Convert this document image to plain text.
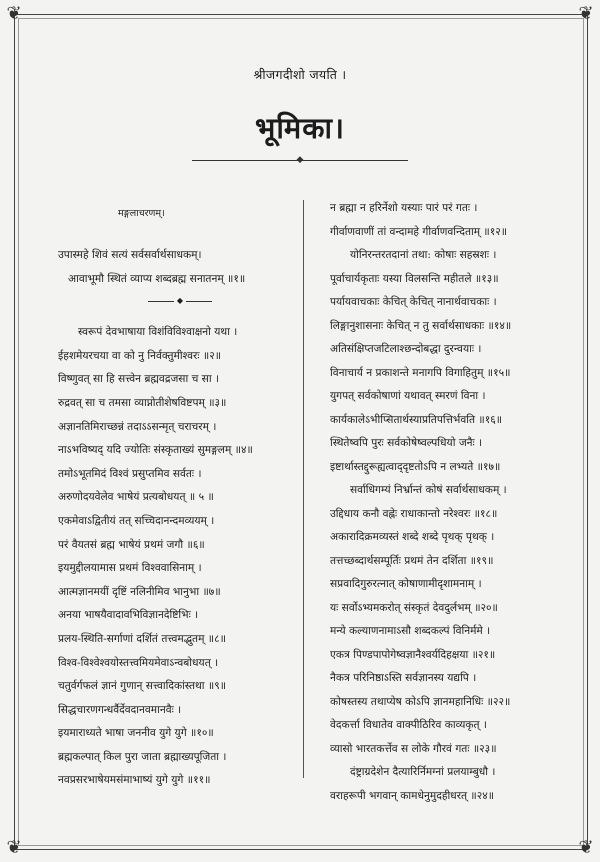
❦	❦
❦	❦
श्रीजगदीशो जयति ।
भूमिका।
◆
मङ्गलाचरणम्।
उपास्महे शिवं सत्यं सर्वसर्वार्थसाधकम्।
आवाभूमौ स्थितं व्याप्य शब्दब्रह्म सनातनम् ॥१॥
◆
स्वरूपं देवभाषाया विशंविविश्वाक्षनो यथा ।
ईहशमेयरचया वा को नु निर्वक्तुमीश्वरः ॥२॥
विष्णुवत् सा हि सत्त्वेन ब्रह्मवद्रजसा च सा ।
रुद्रवत् सा च तमसा व्याप्नोतीशेषविष्टपम् ॥३॥
अज्ञानतिमिराच्छन्नं तदाऽऽसन्मृत् चराचरम् ।
नाऽभविष्यद् यदि ज्योतिः संस्कृताख्यं सुमङ्गलम् ॥४॥
तमोऽभूतमिदं विश्वं प्रसुप्तमिव सर्वतः ।
अरुणोदयवेलेव भाषेयं प्रत्यबोधयत् ॥ ५ ॥
एकमेवाऽद्वितीयं तत् सच्चिदानन्दमव्ययम् ।
परं वैयतसं ब्रह्म भाषेयं प्रथमं जगौ ॥६॥
इयमुद्दीलयामास प्रथमं विश्ववासिनाम् ।
आत्मज्ञानमयीं दृष्टिं नलिनीमिव भानुभा ॥७॥
अनया भाषयैवादावभिविज्ञानदेष्टिभिः ।
प्रलय-स्थिति-सर्गाणां दर्शितं तत्त्वमद्भुतम् ॥८॥
विश्व-विश्वेश्वयोस्तत्त्वमियमेवाऽन्वबोधयत् ।
चतुर्वर्गफलं ज्ञानं गुणान् सत्त्वादिकांस्तथा ॥९॥
सिद्धचारणगन्धर्वैर्देवदानवमानवैः ।
इयमाराध्यते भाषा जननीव युगे युगे ॥१०॥
ब्रह्मकल्पात् किल पुरा जाता ब्रह्माख्यपूजिता ।
नवप्रसरभाषेयमसंमाभाष्यं युगे युगे ॥११॥
न ब्रह्मा न हरिर्नेशो यस्याः पारं परं गतः ।
गीर्वाणवाणीं तां वन्दामहे गीर्वाणवन्दिताम् ॥१२॥
योनिरन्तरतदानां तथा: कोषाः सहस्रशः ।
पूर्वाचार्यकृताः यस्या विलसन्ति महीतले ॥१३॥
पर्यायवाचकाः केचित् केचित् नानार्थवाचकाः ।
लिङ्गानुशासनाः केचित् न तु सर्वार्थसाधकाः ॥१४॥
अतिसंक्षिप्तजटिलाश्छन्दोबद्धा दुरन्वयाः ।
विनाचार्य न प्रकाशन्ते मनागपि विगाहितुम् ॥१५॥
युगपत् सर्वकोषाणां यथावत् स्मरणं विना ।
कार्यकालेऽभीप्सितार्थस्याप्रतिपत्तिर्भवति ॥१६॥
स्थितेष्वपि पुरः सर्वकोषेष्वल्पधियो जनैः ।
इष्टार्थास्तद्दुरूह्यत्वाद्‌दृष्टतोऽपि न लभ्यते ॥१७॥
सर्वाधिगम्यं निर्भ्रान्तं कोषं सर्वार्थसाधकम् ।
उद्दिधाय कनौ वह्नेः राधाकान्तो नरेश्वरः ॥१८॥
अकारादिक्रमव्यस्तं शब्दे शब्दे पृथक् पृथक् ।
तत्तच्छब्दार्थसम्पूर्तिः प्रथमं तेन दर्शिता ॥१९॥
सप्रवादिगुरुरत्नात् कोषाणामीदृशामनाम् ।
यः सर्वोऽभ्यमकरोत् संस्कृतं देवदुर्लभम् ॥२०॥
मन्ये कल्याणनामाऽसौ शब्दकल्पं विनिर्ममे ।
एकत्र पिण्डपापोगेष्वज्ञानैश्वर्यदिहक्षया ॥२१॥
नैकत्र परिनिष्ठाऽस्ति सर्वज्ञानस्य यद्यपि ।
कोषस्तस्य तथाप्येष कोऽपि ज्ञानमहानिधिः ॥२२॥
वेदकर्त्ता विधातेव वाक्पीठिरिव काव्यकृत् ।
व्यासो भारतकर्त्तेव स लोके गौरवं गतः ॥२३॥
दंष्ट्राग्रदेशेन दैत्यारिर्निमग्नां प्रलयाम्बुधौ ।
वराहरूपी भगवान् कामधेनुमुदहीधरत् ॥२४॥
